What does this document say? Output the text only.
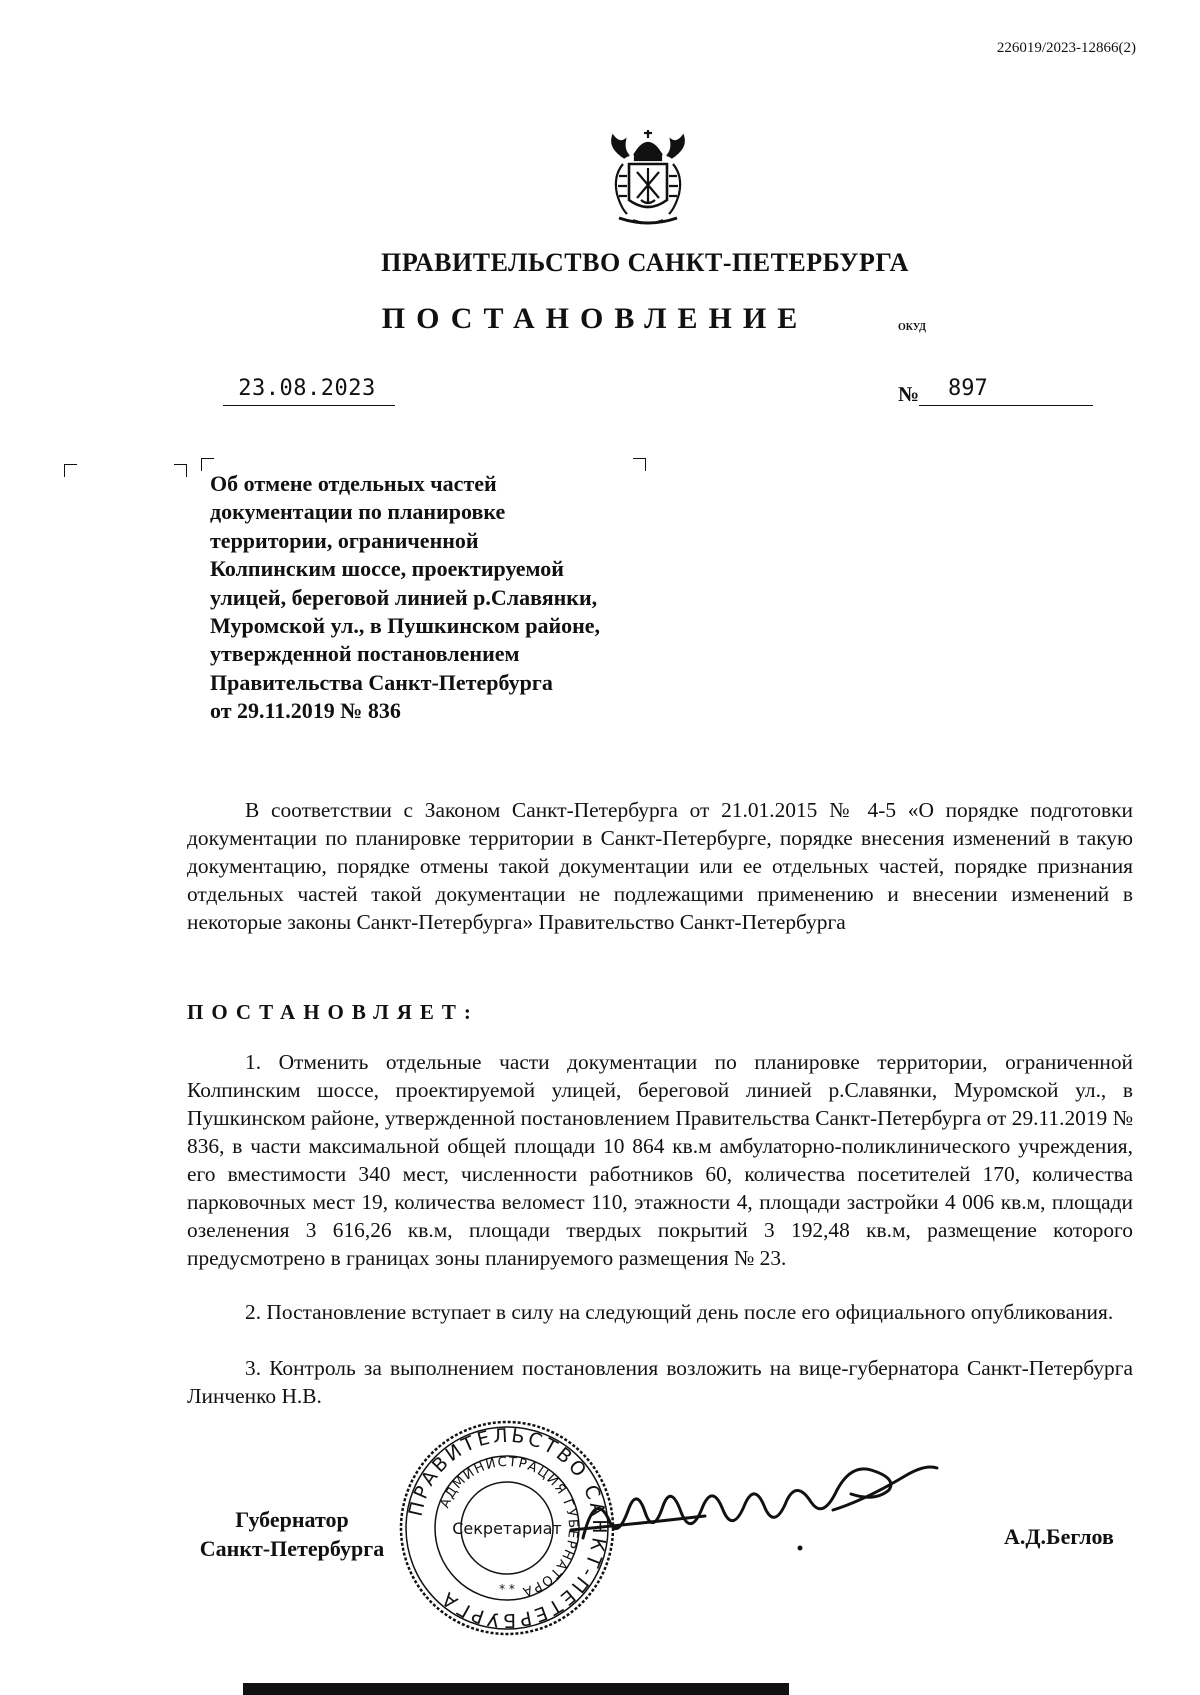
226019/2023-12866(2)
ПРАВИТЕЛЬСТВО САНКТ-ПЕТЕРБУРГА
ПОСТАНОВЛЕНИЕ	ОКУД
23.08.2023	№ 897
Об отмене отдельных частей
документации по планировке
территории, ограниченной
Колпинским шоссе, проектируемой
улицей, береговой линией р.Славянки,
Муромской ул., в Пушкинском районе,
утвержденной постановлением
Правительства Санкт-Петербурга
от 29.11.2019 № 836
В соответствии с Законом Санкт-Петербурга от 21.01.2015 № 4-5 «О порядке подготовки документации по планировке территории в Санкт-Петербурге, порядке внесения изменений в такую документацию, порядке отмены такой документации или ее отдельных частей, порядке признания отдельных частей такой документации не подлежащими применению и внесении изменений в некоторые законы Санкт-Петербурга» Правительство Санкт-Петербурга
ПОСТАНОВЛЯЕТ:
1. Отменить отдельные части документации по планировке территории, ограниченной Колпинским шоссе, проектируемой улицей, береговой линией р.Славянки, Муромской ул., в Пушкинском районе, утвержденной постановлением Правительства Санкт-Петербурга от 29.11.2019 № 836, в части максимальной общей площади 10 864 кв.м амбулаторно-поликлинического учреждения, его вместимости 340 мест, численности работников 60, количества посетителей 170, количества парковочных мест 19, количества веломест 110, этажности 4, площади застройки 4 006 кв.м, площади озеленения 3 616,26 кв.м, площади твердых покрытий 3 192,48 кв.м, размещение которого предусмотрено в границах зоны планируемого размещения № 23.
2. Постановление вступает в силу на следующий день после его официального опубликования.
3. Контроль за выполнением постановления возложить на вице-губернатора Санкт-Петербурга Линченко Н.В.
Губернатор
Санкт-Петербурга
ПРАВИТЕЛЬСТВО САНКТ-ПЕТЕРБУРГА
АДМИНИСТРАЦИЯ ГУБЕРНАТОРА
Секретариат
* *
А.Д.Беглов
